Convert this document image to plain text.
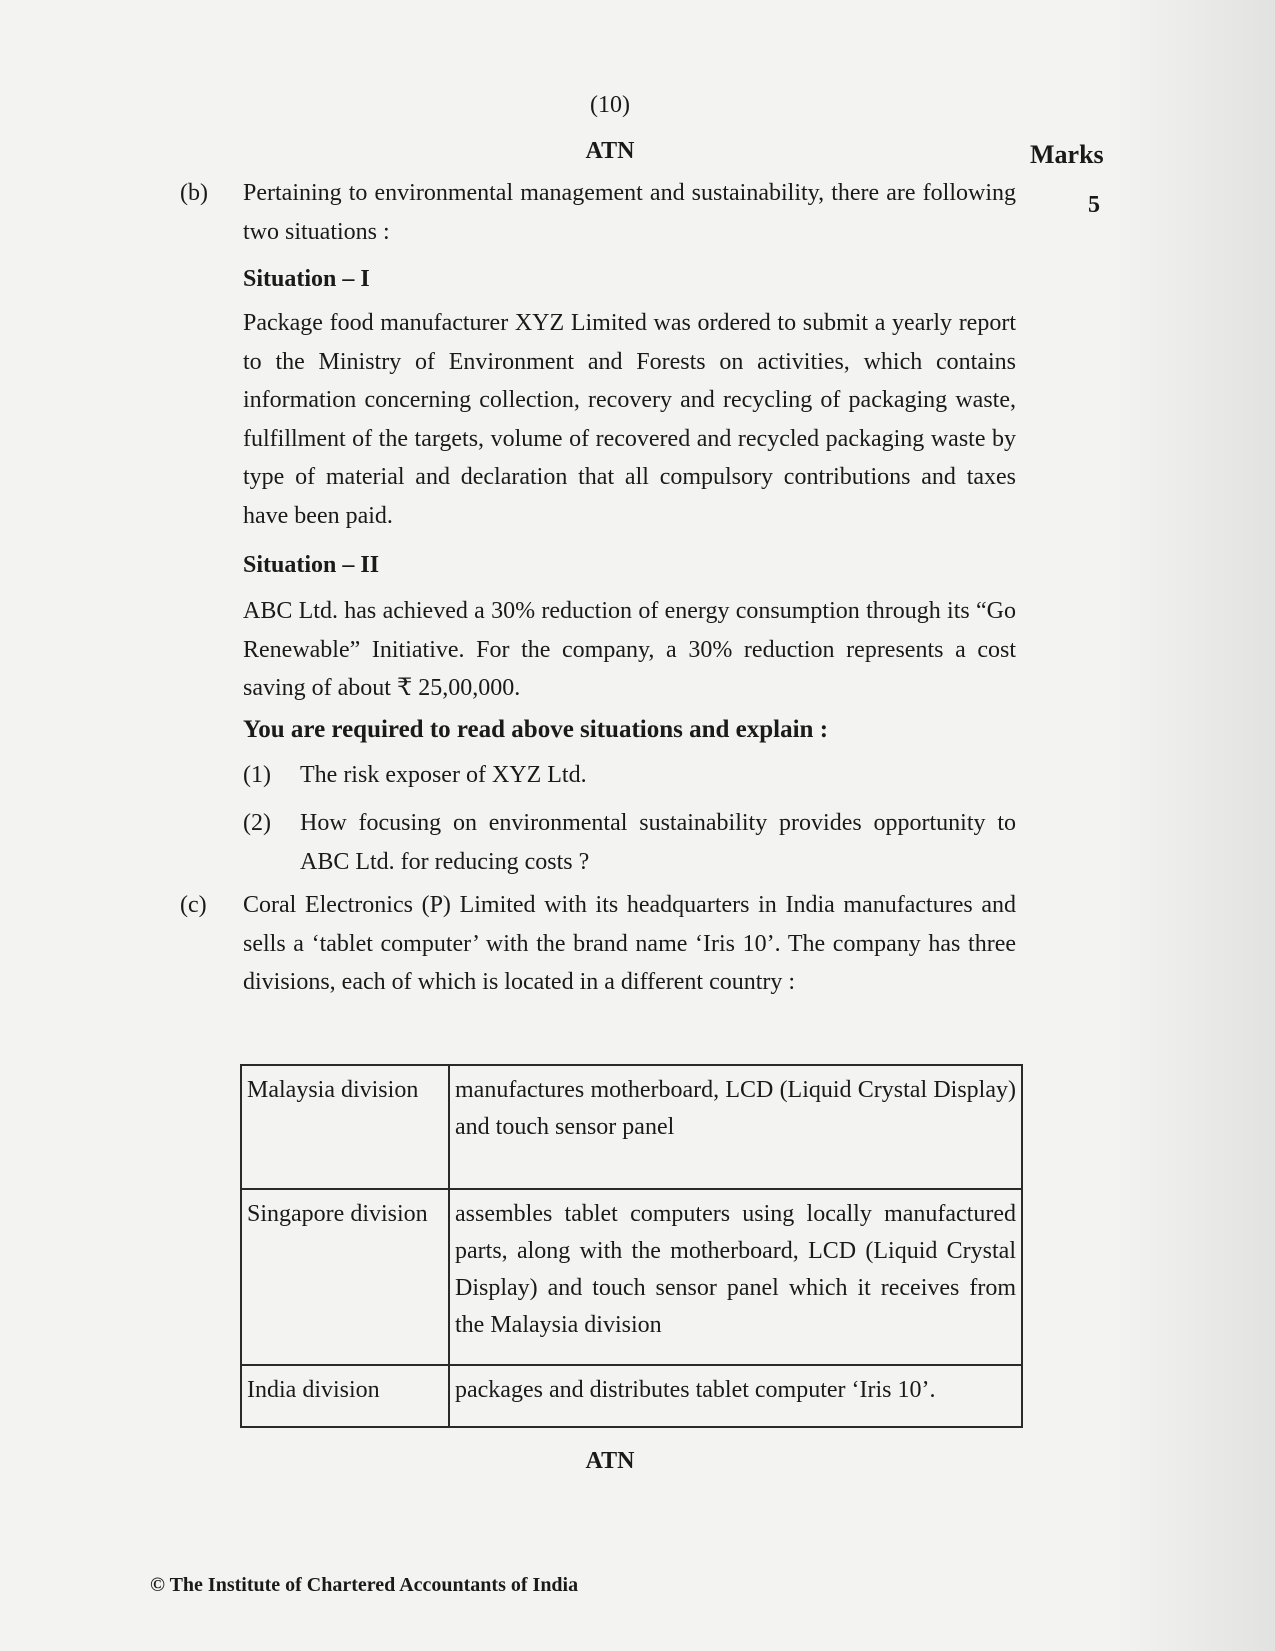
(10)
ATN	Marks
5
(b) Pertaining to environmental management and sustainability, there are following two situations :
Situation – I
Package food manufacturer XYZ Limited was ordered to submit a yearly report to the Ministry of Environment and Forests on activities, which contains information concerning collection, recovery and recycling of packaging waste, fulfillment of the targets, volume of recovered and recycled packaging waste by type of material and declaration that all compulsory contributions and taxes have been paid.
Situation – II
ABC Ltd. has achieved a 30% reduction of energy consumption through its “Go Renewable” Initiative. For the company, a 30% reduction represents a cost saving of about ₹ 25,00,000.
You are required to read above situations and explain :
(1) The risk exposer of XYZ Ltd.
(2) How focusing on environmental sustainability provides opportunity to ABC Ltd. for reducing costs ?
(c) Coral Electronics (P) Limited with its headquarters in India manufactures and sells a ‘tablet computer’ with the brand name ‘Iris 10’. The company has three divisions, each of which is located in a different country :
Malaysia division	manufactures motherboard, LCD (Liquid Crystal Display) and touch sensor panel
Singapore division	assembles tablet computers using locally manufactured parts, along with the motherboard, LCD (Liquid Crystal Display) and touch sensor panel which it receives from the Malaysia division
India division	packages and distributes tablet computer ‘Iris 10’.
ATN
© The Institute of Chartered Accountants of India
